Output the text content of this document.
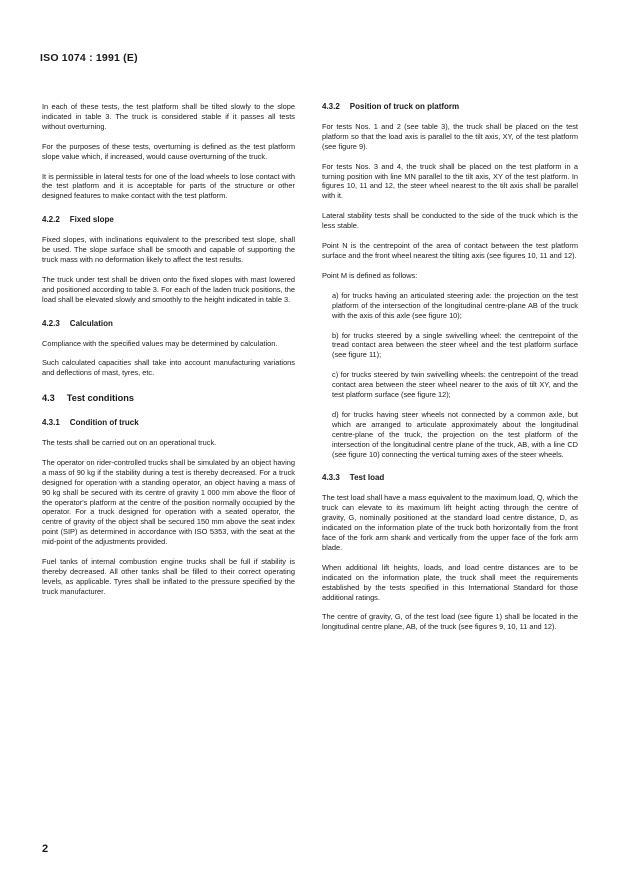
ISO 1074 : 1991 (E)

In each of these tests, the test platform shall be tilted slowly to the slope indicated in table 3. The truck is considered stable if it passes all tests without overturning.

For the purposes of these tests, overturning is defined as the test platform slope value which, if increased, would cause overturning of the truck.

It is permissible in lateral tests for one of the load wheels to lose contact with the test platform and it is acceptable for parts of the structure or other designed features to make contact with the test platform.

4.2.2 Fixed slope

Fixed slopes, with inclinations equivalent to the prescribed test slope, shall be used. The slope surface shall be smooth and capable of supporting the truck mass with no deformation likely to affect the test results.

The truck under test shall be driven onto the fixed slopes with mast lowered and positioned according to table 3. For each of the laden truck positions, the load shall be elevated slowly and smoothly to the height indicated in table 3.

4.2.3 Calculation

Compliance with the specified values may be determined by calculation.

Such calculated capacities shall take into account manufacturing variations and deflections of mast, tyres, etc.

4.3 Test conditions
4.3.1 Condition of truck

The tests shall be carried out on an operational truck.

The operator on rider-controlled trucks shall be simulated by an object having a mass of 90 kg if the stability during a test is thereby decreased. For a truck designed for operation with a standing operator, an object having a mass of 90 kg shall be secured with its centre of gravity 1 000 mm above the floor of the operator's platform at the centre of the position normally occupied by the operator. For a truck designed for operation with a seated operator, the centre of gravity of the object shall be secured 150 mm above the seat index point (SIP) as determined in accordance with ISO 5353, with the seat at the mid-point of the adjustments provided.

Fuel tanks of internal combustion engine trucks shall be full if stability is thereby decreased. All other tanks shall be filled to their correct operating levels, as applicable. Tyres shall be inflated to the pressure specified by the truck manufacturer.

4.3.2 Position of truck on platform

For tests Nos. 1 and 2 (see table 3), the truck shall be placed on the test platform so that the load axis is parallel to the tilt axis, XY, of the test platform (see figure 9).

For tests Nos. 3 and 4, the truck shall be placed on the test platform in a turning position with line MN parallel to the tilt axis, XY of the test platform. In figures 10, 11 and 12, the steer wheel nearest to the tilt axis shall be parallel with it.

Lateral stability tests shall be conducted to the side of the truck which is the less stable.

Point N is the centrepoint of the area of contact between the test platform surface and the front wheel nearest the tilting axis (see figures 10, 11 and 12).

Point M is defined as follows:

a) for trucks having an articulated steering axle: the projection on the test platform of the intersection of the longitudinal centre-plane AB of the truck with the axis of this axle (see figure 10);

b) for trucks steered by a single swivelling wheel: the centrepoint of the tread contact area between the steer wheel and the test platform surface (see figure 11);

c) for trucks steered by twin swivelling wheels: the centrepoint of the tread contact area between the steer wheel nearer to the axis of tilt XY, and the test platform surface (see figure 12);

d) for trucks having steer wheels not connected by a common axle, but which are arranged to articulate approximately about the longitudinal centre-plane of the truck, the projection on the test platform of the intersection of the longitudinal centre plane of the truck, AB, with a line CD (see figure 10) connecting the vertical turning axes of the steer wheels.

4.3.3 Test load

The test load shall have a mass equivalent to the maximum load, Q, which the truck can elevate to its maximum lift height acting through the centre of gravity, G, nominally positioned at the standard load centre distance, D, as indicated on the information plate of the truck both horizontally from the front face of the fork arm shank and vertically from the upper face of the fork arm blade.

When additional lift heights, loads, and load centre distances are to be indicated on the information plate, the truck shall meet the requirements established by the tests specified in this International Standard for those additional ratings.

The centre of gravity, G, of the test load (see figure 1) shall be located in the longitudinal centre plane, AB, of the truck (see figures 9, 10, 11 and 12).

2
